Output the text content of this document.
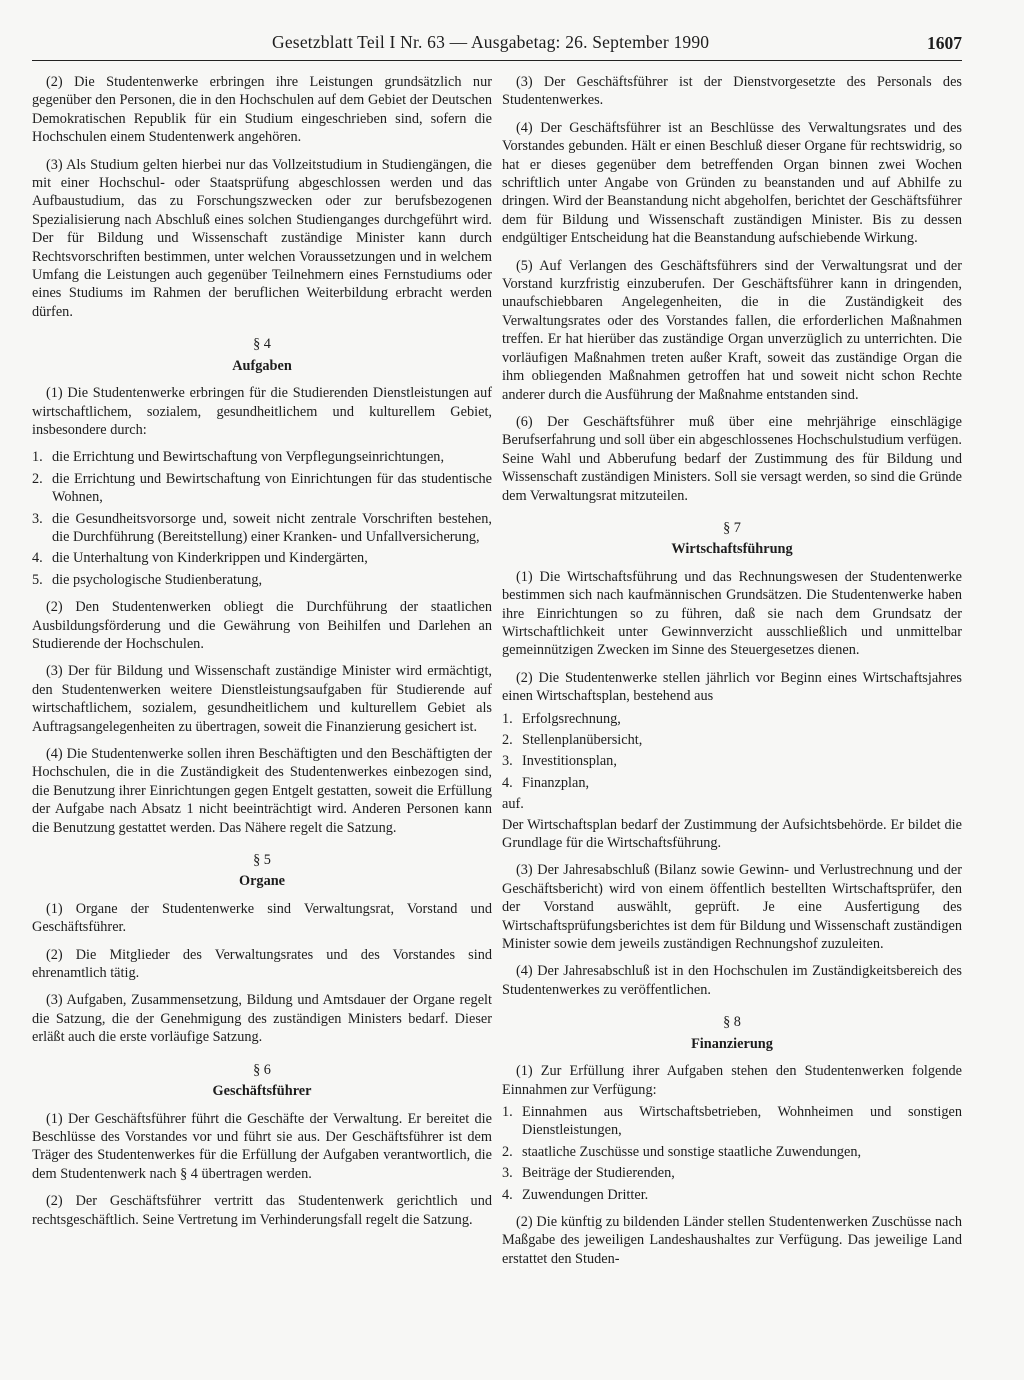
Gesetzblatt Teil I Nr. 63 — Ausgabetag: 26. September 1990	1607

(2) Die Studentenwerke erbringen ihre Leistungen grundsätzlich nur gegenüber den Personen, die in den Hochschulen auf dem Gebiet der Deutschen Demokratischen Republik für ein Studium eingeschrieben sind, sofern die Hochschulen einem Studentenwerk angehören.

(3) Als Studium gelten hierbei nur das Vollzeitstudium in Studiengängen, die mit einer Hochschul- oder Staatsprüfung abgeschlossen werden und das Aufbaustudium, das zu Forschungszwecken oder zur berufsbezogenen Spezialisierung nach Abschluß eines solchen Studienganges durchgeführt wird. Der für Bildung und Wissenschaft zuständige Minister kann durch Rechtsvorschriften bestimmen, unter welchen Voraussetzungen und in welchem Umfang die Leistungen auch gegenüber Teilnehmern eines Fernstudiums oder eines Studiums im Rahmen der beruflichen Weiterbildung erbracht werden dürfen.

§ 4
Aufgaben

(1) Die Studentenwerke erbringen für die Studierenden Dienstleistungen auf wirtschaftlichem, sozialem, gesundheitlichem und kulturellem Gebiet, insbesondere durch:

1. die Errichtung und Bewirtschaftung von Verpflegungseinrichtungen,
2. die Errichtung und Bewirtschaftung von Einrichtungen für das studentische Wohnen,
3. die Gesundheitsvorsorge und, soweit nicht zentrale Vorschriften bestehen, die Durchführung (Bereitstellung) einer Kranken- und Unfallversicherung,
4. die Unterhaltung von Kinderkrippen und Kindergärten,
5. die psychologische Studienberatung,

(2) Den Studentenwerken obliegt die Durchführung der staatlichen Ausbildungsförderung und die Gewährung von Beihilfen und Darlehen an Studierende der Hochschulen.

(3) Der für Bildung und Wissenschaft zuständige Minister wird ermächtigt, den Studentenwerken weitere Dienstleistungsaufgaben für Studierende auf wirtschaftlichem, sozialem, gesundheitlichem und kulturellem Gebiet als Auftragsangelegenheiten zu übertragen, soweit die Finanzierung gesichert ist.

(4) Die Studentenwerke sollen ihren Beschäftigten und den Beschäftigten der Hochschulen, die in die Zuständigkeit des Studentenwerkes einbezogen sind, die Benutzung ihrer Einrichtungen gegen Entgelt gestatten, soweit die Erfüllung der Aufgabe nach Absatz 1 nicht beeinträchtigt wird. Anderen Personen kann die Benutzung gestattet werden. Das Nähere regelt die Satzung.

§ 5
Organe

(1) Organe der Studentenwerke sind Verwaltungsrat, Vorstand und Geschäftsführer.

(2) Die Mitglieder des Verwaltungsrates und des Vorstandes sind ehrenamtlich tätig.

(3) Aufgaben, Zusammensetzung, Bildung und Amtsdauer der Organe regelt die Satzung, die der Genehmigung des zuständigen Ministers bedarf. Dieser erläßt auch die erste vorläufige Satzung.

§ 6
Geschäftsführer

(1) Der Geschäftsführer führt die Geschäfte der Verwaltung. Er bereitet die Beschlüsse des Vorstandes vor und führt sie aus. Der Geschäftsführer ist dem Träger des Studentenwerkes für die Erfüllung der Aufgaben verantwortlich, die dem Studentenwerk nach § 4 übertragen werden.

(2) Der Geschäftsführer vertritt das Studentenwerk gerichtlich und rechtsgeschäftlich. Seine Vertretung im Verhinderungsfall regelt die Satzung.

(3) Der Geschäftsführer ist der Dienstvorgesetzte des Personals des Studentenwerkes.

(4) Der Geschäftsführer ist an Beschlüsse des Verwaltungsrates und des Vorstandes gebunden. Hält er einen Beschluß dieser Organe für rechtswidrig, so hat er dieses gegenüber dem betreffenden Organ binnen zwei Wochen schriftlich unter Angabe von Gründen zu beanstanden und auf Abhilfe zu dringen. Wird der Beanstandung nicht abgeholfen, berichtet der Geschäftsführer dem für Bildung und Wissenschaft zuständigen Minister. Bis zu dessen endgültiger Entscheidung hat die Beanstandung aufschiebende Wirkung.

(5) Auf Verlangen des Geschäftsführers sind der Verwaltungsrat und der Vorstand kurzfristig einzuberufen. Der Geschäftsführer kann in dringenden, unaufschiebbaren Angelegenheiten, die in die Zuständigkeit des Verwaltungsrates oder des Vorstandes fallen, die erforderlichen Maßnahmen treffen. Er hat hierüber das zuständige Organ unverzüglich zu unterrichten. Die vorläufigen Maßnahmen treten außer Kraft, soweit das zuständige Organ die ihm obliegenden Maßnahmen getroffen hat und soweit nicht schon Rechte anderer durch die Ausführung der Maßnahme entstanden sind.

(6) Der Geschäftsführer muß über eine mehrjährige einschlägige Berufserfahrung und soll über ein abgeschlossenes Hochschulstudium verfügen. Seine Wahl und Abberufung bedarf der Zustimmung des für Bildung und Wissenschaft zuständigen Ministers. Soll sie versagt werden, so sind die Gründe dem Verwaltungsrat mitzuteilen.

§ 7
Wirtschaftsführung

(1) Die Wirtschaftsführung und das Rechnungswesen der Studentenwerke bestimmen sich nach kaufmännischen Grundsätzen. Die Studentenwerke haben ihre Einrichtungen so zu führen, daß sie nach dem Grundsatz der Wirtschaftlichkeit unter Gewinnverzicht ausschließlich und unmittelbar gemeinnützigen Zwecken im Sinne des Steuergesetzes dienen.

(2) Die Studentenwerke stellen jährlich vor Beginn eines Wirtschaftsjahres einen Wirtschaftsplan, bestehend aus

1. Erfolgsrechnung,
2. Stellenplanübersicht,
3. Investitionsplan,
4. Finanzplan,

auf.

Der Wirtschaftsplan bedarf der Zustimmung der Aufsichtsbehörde. Er bildet die Grundlage für die Wirtschaftsführung.

(3) Der Jahresabschluß (Bilanz sowie Gewinn- und Verlustrechnung und der Geschäftsbericht) wird von einem öffentlich bestellten Wirtschaftsprüfer, den der Vorstand auswählt, geprüft. Je eine Ausfertigung des Wirtschaftsprüfungsberichtes ist dem für Bildung und Wissenschaft zuständigen Minister sowie dem jeweils zuständigen Rechnungshof zuzuleiten.

(4) Der Jahresabschluß ist in den Hochschulen im Zuständigkeitsbereich des Studentenwerkes zu veröffentlichen.

§ 8
Finanzierung

(1) Zur Erfüllung ihrer Aufgaben stehen den Studentenwerken folgende Einnahmen zur Verfügung:

1. Einnahmen aus Wirtschaftsbetrieben, Wohnheimen und sonstigen Dienstleistungen,
2. staatliche Zuschüsse und sonstige staatliche Zuwendungen,
3. Beiträge der Studierenden,
4. Zuwendungen Dritter.

(2) Die künftig zu bildenden Länder stellen Studentenwerken Zuschüsse nach Maßgabe des jeweiligen Landeshaushaltes zur Verfügung. Das jeweilige Land erstattet den Studen-
